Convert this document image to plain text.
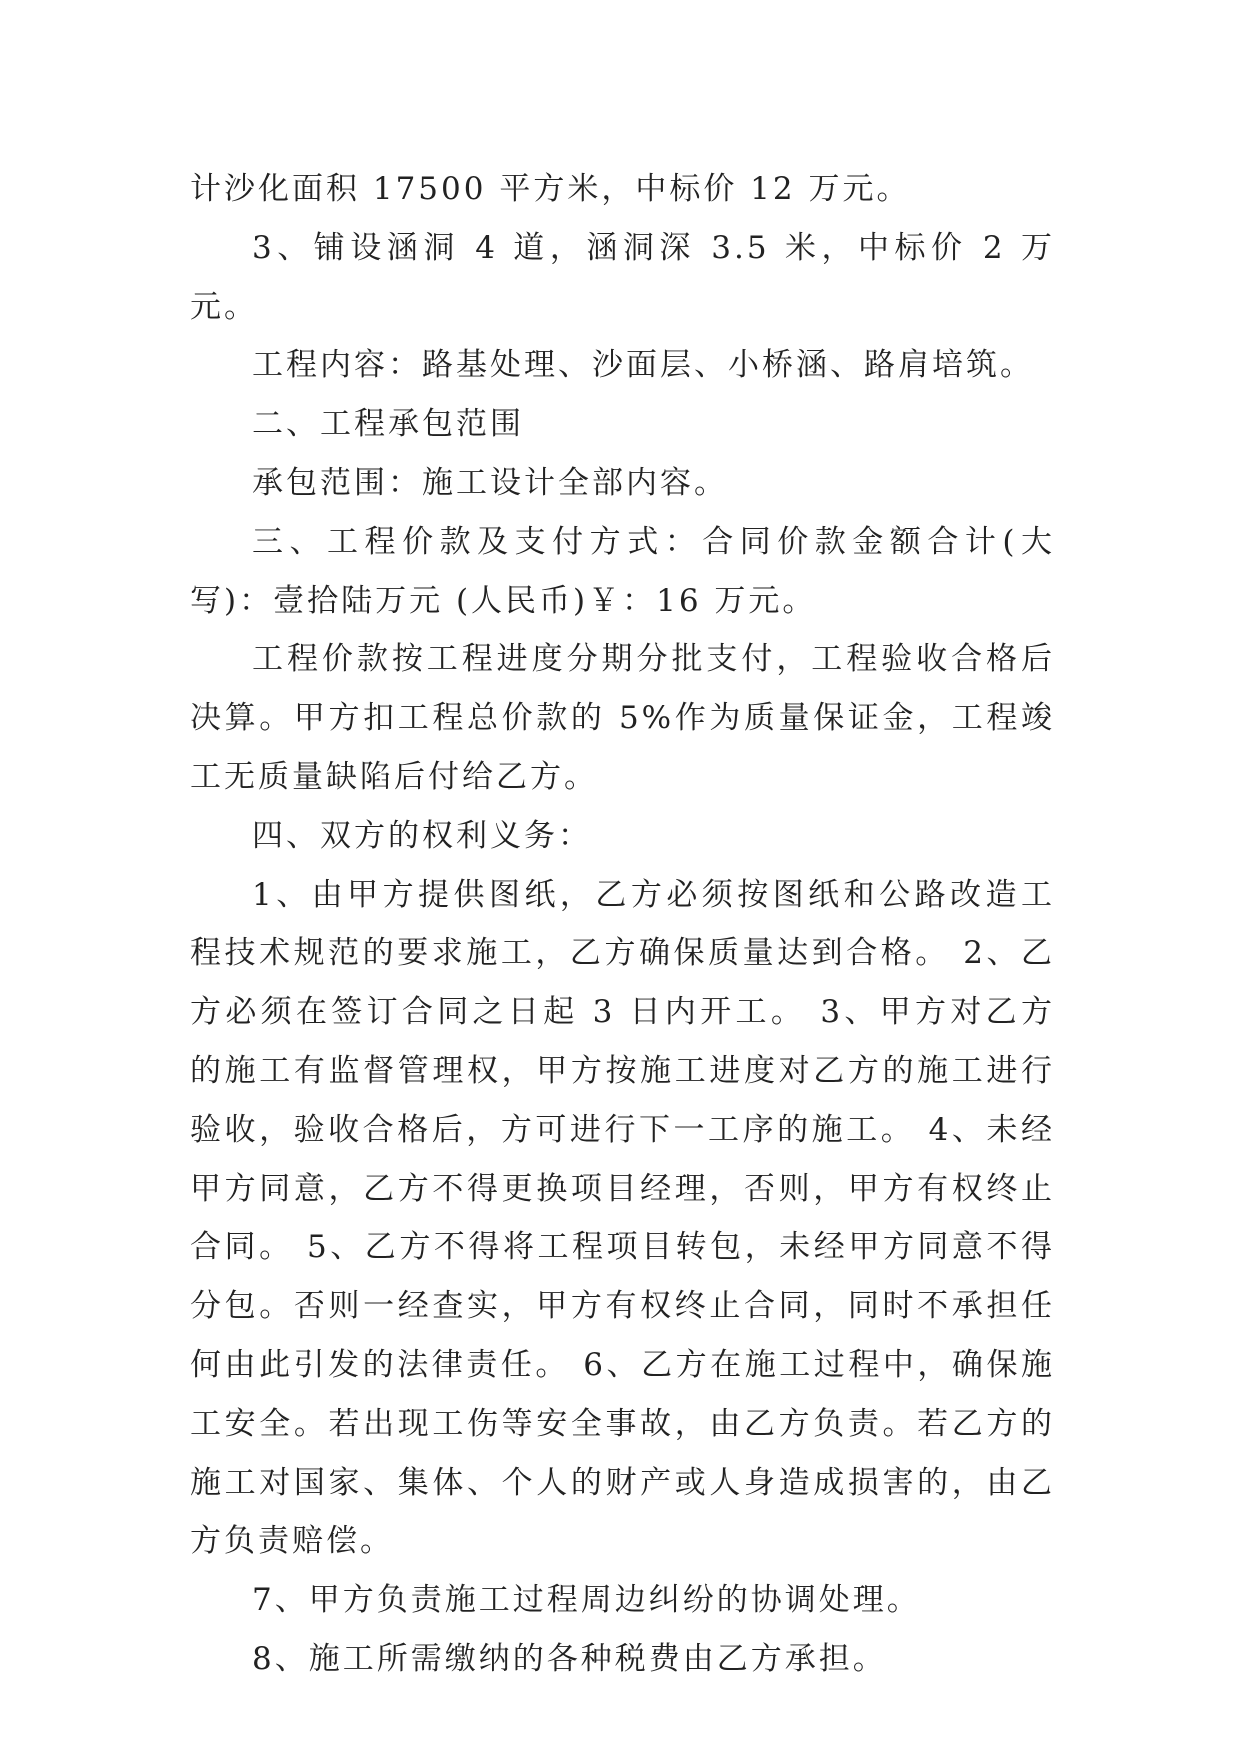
计沙化面积 17500 平方米，中标价 12 万元。

3、铺设涵洞 4 道，涵洞深 3.5 米，中标价 2 万元。

工程内容：路基处理、沙面层、小桥涵、路肩培筑。

二、工程承包范围

承包范围：施工设计全部内容。

三、工程价款及支付方式：合同价款金额合计(大写)：壹拾陆万元 (人民币)￥：16 万元。

工程价款按工程进度分期分批支付，工程验收合格后决算。甲方扣工程总价款的 5%作为质量保证金，工程竣工无质量缺陷后付给乙方。

四、双方的权利义务：

1、由甲方提供图纸，乙方必须按图纸和公路改造工程技术规范的要求施工，乙方确保质量达到合格。 2、乙方必须在签订合同之日起 3 日内开工。 3、甲方对乙方的施工有监督管理权，甲方按施工进度对乙方的施工进行验收，验收合格后，方可进行下一工序的施工。 4、未经甲方同意，乙方不得更换项目经理，否则，甲方有权终止合同。 5、乙方不得将工程项目转包，未经甲方同意不得分包。否则一经查实，甲方有权终止合同，同时不承担任何由此引发的法律责任。 6、乙方在施工过程中，确保施工安全。若出现工伤等安全事故，由乙方负责。若乙方的施工对国家、集体、个人的财产或人身造成损害的，由乙方负责赔偿。

7、甲方负责施工过程周边纠纷的协调处理。

8、施工所需缴纳的各种税费由乙方承担。
